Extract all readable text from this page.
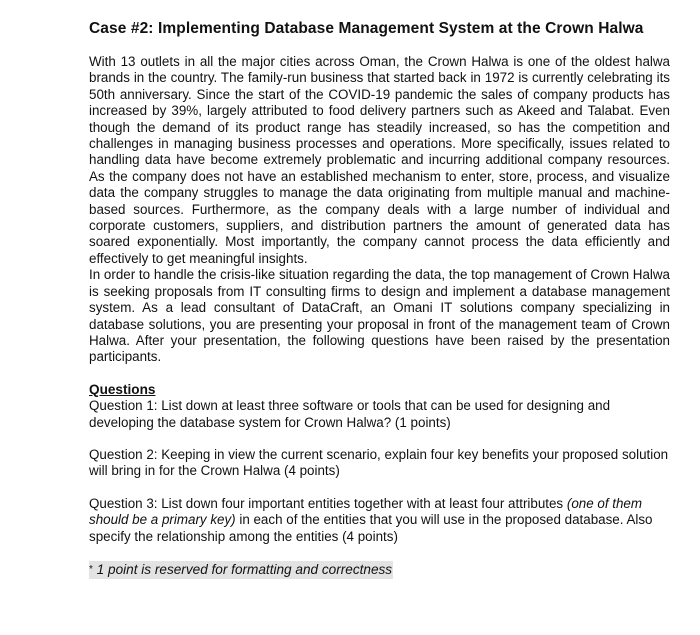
Case #2: Implementing Database Management System at the Crown Halwa

With 13 outlets in all the major cities across Oman, the Crown Halwa is one of the oldest halwa brands in the country. The family-run business that started back in 1972 is currently celebrating its 50th anniversary. Since the start of the COVID-19 pandemic the sales of company products has increased by 39%, largely attributed to food delivery partners such as Akeed and Talabat. Even though the demand of its product range has steadily increased, so has the competition and challenges in managing business processes and operations. More specifically, issues related to handling data have become extremely problematic and incurring additional company resources. As the company does not have an established mechanism to enter, store, process, and visualize data the company struggles to manage the data originating from multiple manual and machine-based sources. Furthermore, as the company deals with a large number of individual and corporate customers, suppliers, and distribution partners the amount of generated data has soared exponentially. Most importantly, the company cannot process the data efficiently and effectively to get meaningful insights.

In order to handle the crisis-like situation regarding the data, the top management of Crown Halwa is seeking proposals from IT consulting firms to design and implement a database management system. As a lead consultant of DataCraft, an Omani IT solutions company specializing in database solutions, you are presenting your proposal in front of the management team of Crown Halwa. After your presentation, the following questions have been raised by the presentation participants.

Questions

Question 1: List down at least three software or tools that can be used for designing and developing the database system for Crown Halwa? (1 points)

Question 2: Keeping in view the current scenario, explain four key benefits your proposed solution will bring in for the Crown Halwa (4 points)

Question 3: List down four important entities together with at least four attributes (one of them should be a primary key) in each of the entities that you will use in the proposed database. Also specify the relationship among the entities (4 points)

* 1 point is reserved for formatting and correctness
